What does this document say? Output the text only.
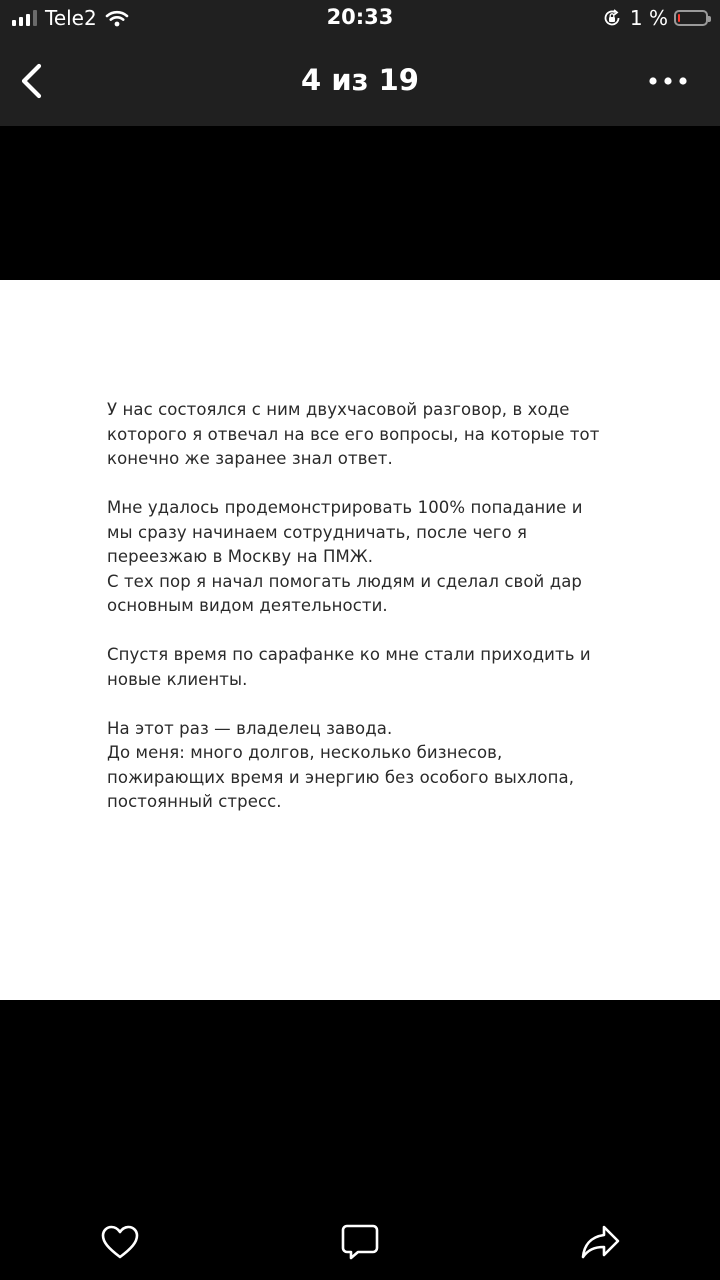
Tele2	20:33	1 %
4 из 19

У нас состоялся с ним двухчасовой разговор, в ходе
которого я отвечал на все его вопросы, на которые тот
конечно же заранее знал ответ.

Мне удалось продемонстрировать 100% попадание и
мы сразу начинаем сотрудничать, после чего я
переезжаю в Москву на ПМЖ.
С тех пор я начал помогать людям и сделал свой дар
основным видом деятельности.

Спустя время по сарафанке ко мне стали приходить и
новые клиенты.

На этот раз — владелец завода.
До меня: много долгов, несколько бизнесов,
пожирающих время и энергию без особого выхлопа,
постоянный стресс.
